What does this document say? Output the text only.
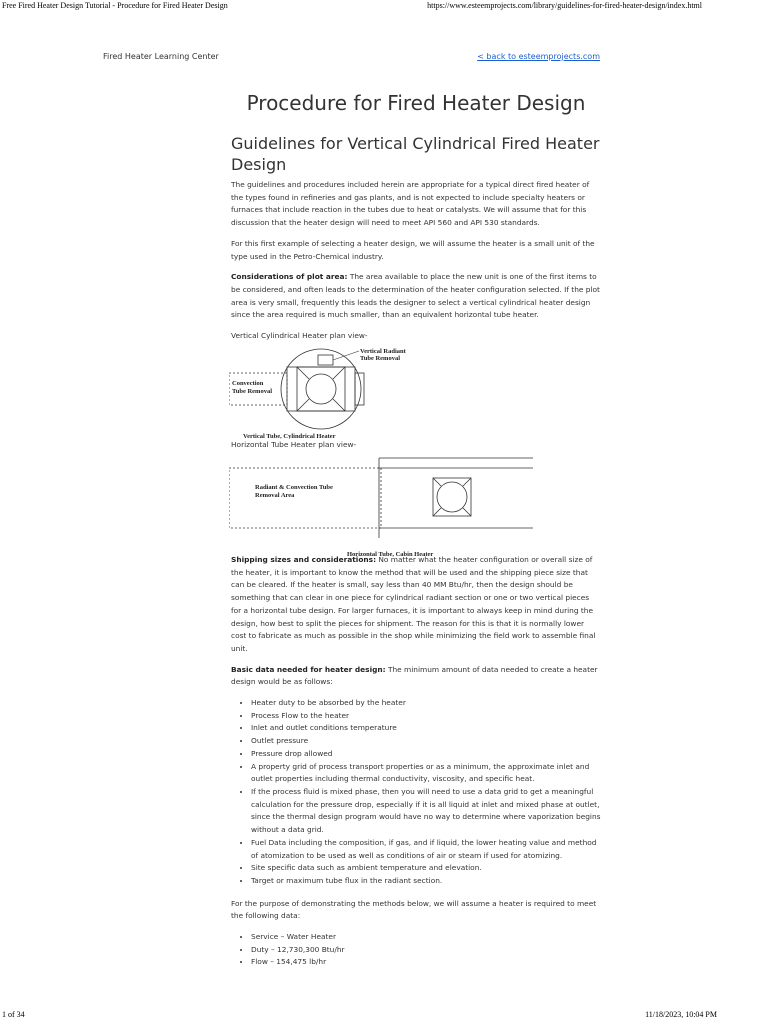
Free Fired Heater Design Tutorial - Procedure for Fired Heater Design	https://www.esteemprojects.com/library/guidelines-for-fired-heater-design/index.html
Fired Heater Learning Center	< back to esteemprojects.com
Procedure for Fired Heater Design
Guidelines for Vertical Cylindrical Fired Heater Design

The guidelines and procedures included herein are appropriate for a typical direct fired heater of the types found in refineries and gas plants, and is not expected to include specialty heaters or furnaces that include reaction in the tubes due to heat or catalysts. We will assume that for this discussion that the heater design will need to meet API 560 and API 530 standards.

For this first example of selecting a heater design, we will assume the heater is a small unit of the type used in the Petro-Chemical industry.

Considerations of plot area: The area available to place the new unit is one of the first items to be considered, and often leads to the determination of the heater configuration selected. If the plot area is very small, frequently this leads the designer to select a vertical cylindrical heater design since the area required is much smaller, than an equivalent horizontal tube heater.

Vertical Cylindrical Heater plan view-
Vertical Radiant
Tube Removal
Convection
Tube Removal
Vertical Tube, Cylindrical Heater
Horizontal Tube Heater plan view-
Radiant & Convection Tube
Removal Area
Horizontal Tube, Cabin Heater

Shipping sizes and considerations: No matter what the heater configuration or overall size of the heater, it is important to know the method that will be used and the shipping piece size that can be cleared. If the heater is small, say less than 40 MM Btu/hr, then the design should be something that can clear in one piece for cylindrical radiant section or one or two vertical pieces for a horizontal tube design. For larger furnaces, it is important to always keep in mind during the design, how best to split the pieces for shipment. The reason for this is that it is normally lower cost to fabricate as much as possible in the shop while minimizing the field work to assemble final unit.

Basic data needed for heater design: The minimum amount of data needed to create a heater design would be as follows:

• Heater duty to be absorbed by the heater
• Process Flow to the heater
• Inlet and outlet conditions temperature
• Outlet pressure
• Pressure drop allowed
• A property grid of process transport properties or as a minimum, the approximate inlet and outlet properties including thermal conductivity, viscosity, and specific heat.
• If the process fluid is mixed phase, then you will need to use a data grid to get a meaningful calculation for the pressure drop, especially if it is all liquid at inlet and mixed phase at outlet, since the thermal design program would have no way to determine where vaporization begins without a data grid.
• Fuel Data including the composition, if gas, and if liquid, the lower heating value and method of atomization to be used as well as conditions of air or steam if used for atomizing.
• Site specific data such as ambient temperature and elevation.
• Target or maximum tube flux in the radiant section.

For the purpose of demonstrating the methods below, we will assume a heater is required to meet the following data:

• Service – Water Heater
• Duty – 12,730,300 Btu/hr
• Flow – 154,475 lb/hr
1 of 34	11/18/2023, 10:04 PM
